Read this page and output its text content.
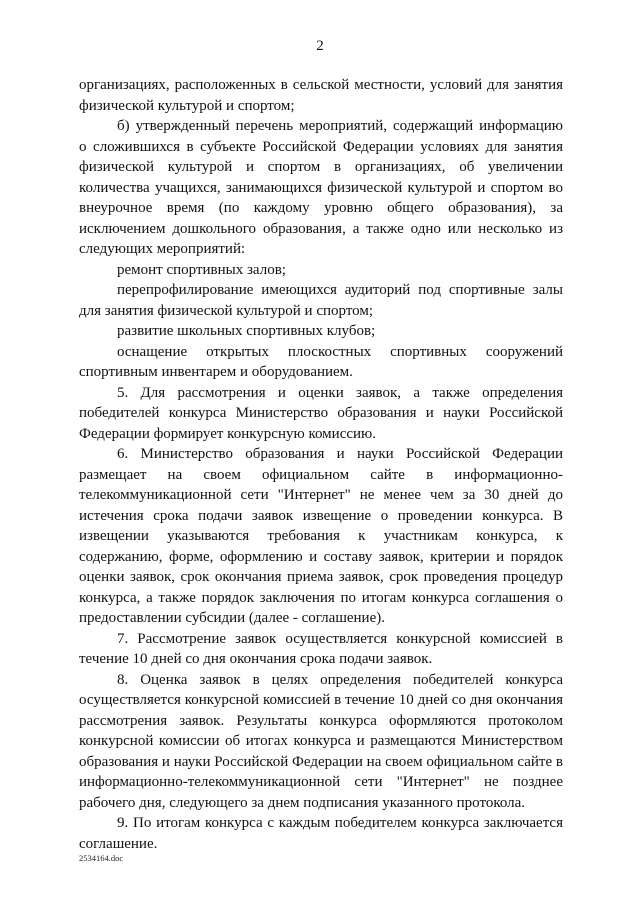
2

организациях, расположенных в сельской местности, условий для занятия физической культурой и спортом;

б) утвержденный перечень мероприятий, содержащий информацию о сложившихся в субъекте Российской Федерации условиях для занятия физической культурой и спортом в организациях, об увеличении количества учащихся, занимающихся физической культурой и спортом во внеурочное время (по каждому уровню общего образования), за исключением дошкольного образования, а также одно или несколько из следующих мероприятий:

ремонт спортивных залов;

перепрофилирование имеющихся аудиторий под спортивные залы для занятия физической культурой и спортом;

развитие школьных спортивных клубов;

оснащение открытых плоскостных спортивных сооружений спортивным инвентарем и оборудованием.

5. Для рассмотрения и оценки заявок, а также определения победителей конкурса Министерство образования и науки Российской Федерации формирует конкурсную комиссию.

6. Министерство образования и науки Российской Федерации размещает на своем официальном сайте в информационно-телекоммуникационной сети "Интернет" не менее чем за 30 дней до истечения срока подачи заявок извещение о проведении конкурса. В извещении указываются требования к участникам конкурса, к содержанию, форме, оформлению и составу заявок, критерии и порядок оценки заявок, срок окончания приема заявок, срок проведения процедур конкурса, а также порядок заключения по итогам конкурса соглашения о предоставлении субсидии (далее - соглашение).

7. Рассмотрение заявок осуществляется конкурсной комиссией в течение 10 дней со дня окончания срока подачи заявок.

8. Оценка заявок в целях определения победителей конкурса осуществляется конкурсной комиссией в течение 10 дней со дня окончания рассмотрения заявок. Результаты конкурса оформляются протоколом конкурсной комиссии об итогах конкурса и размещаются Министерством образования и науки Российской Федерации на своем официальном сайте в информационно-телекоммуникационной сети "Интернет" не позднее рабочего дня, следующего за днем подписания указанного протокола.

9. По итогам конкурса с каждым победителем конкурса заключается соглашение.

2534164.doc
